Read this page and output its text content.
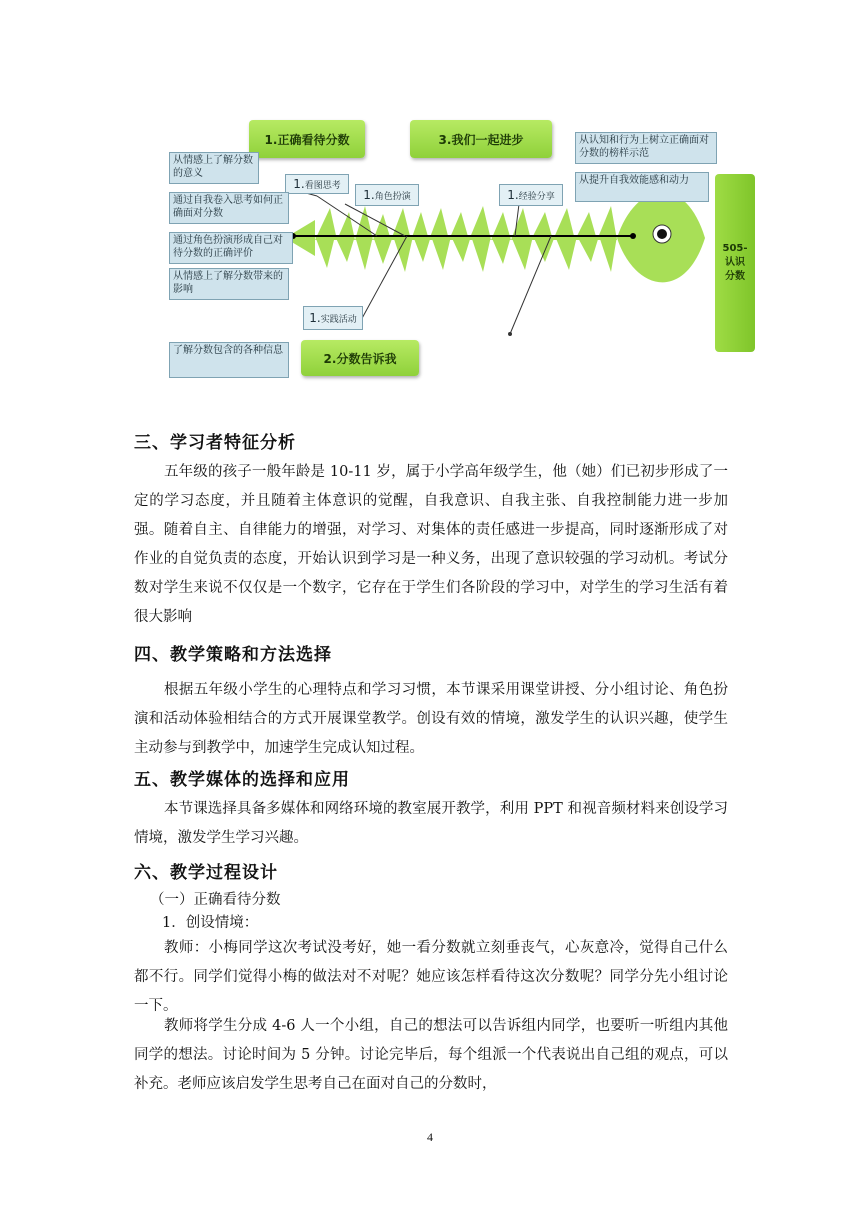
1.正确看待分数	3.我们一起进步
2.分数告诉我
505-
认识
分数
1. 看图思考
1. 角色扮演	1. 经验分享
1. 实践活动
从情感上了解分数的意义
通过自我卷入思考如何正确面对分数
通过角色扮演形成自己对待分数的正确评价
从情感上了解分数带来的影响
从认知和行为上树立正确面对分数的榜样示范
从提升自我效能感和动力
了解分数包含的各种信息
三、学习者特征分析

五年级的孩子一般年龄是 10-11 岁，属于小学高年级学生，他（她）们已初步形成了一定的学习态度，并且随着主体意识的觉醒，自我意识、自我主张、自我控制能力进一步加强。随着自主、自律能力的增强，对学习、对集体的责任感进一步提高，同时逐渐形成了对作业的自觉负责的态度，开始认识到学习是一种义务，出现了意识较强的学习动机。考试分数对学生来说不仅仅是一个数字，它存在于学生们各阶段的学习中，对学生的学习生活有着很大影响

四、教学策略和方法选择

根据五年级小学生的心理特点和学习习惯，本节课采用课堂讲授、分小组讨论、角色扮演和活动体验相结合的方式开展课堂教学。创设有效的情境，激发学生的认识兴趣，使学生主动参与到教学中，加速学生完成认知过程。

五、教学媒体的选择和应用

本节课选择具备多媒体和网络环境的教室展开教学，利用 PPT 和视音频材料来创设学习情境，激发学生学习兴趣。

六、教学过程设计

（一）正确看待分数

1．创设情境：

教师：小梅同学这次考试没考好，她一看分数就立刻垂丧气，心灰意冷，觉得自己什么都不行。同学们觉得小梅的做法对不对呢？她应该怎样看待这次分数呢？同学分先小组讨论一下。

教师将学生分成 4-6 人一个小组，自己的想法可以告诉组内同学，也要听一听组内其他同学的想法。讨论时间为 5 分钟。讨论完毕后，每个组派一个代表说出自己组的观点，可以补充。老师应该启发学生思考自己在面对自己的分数时，

4
